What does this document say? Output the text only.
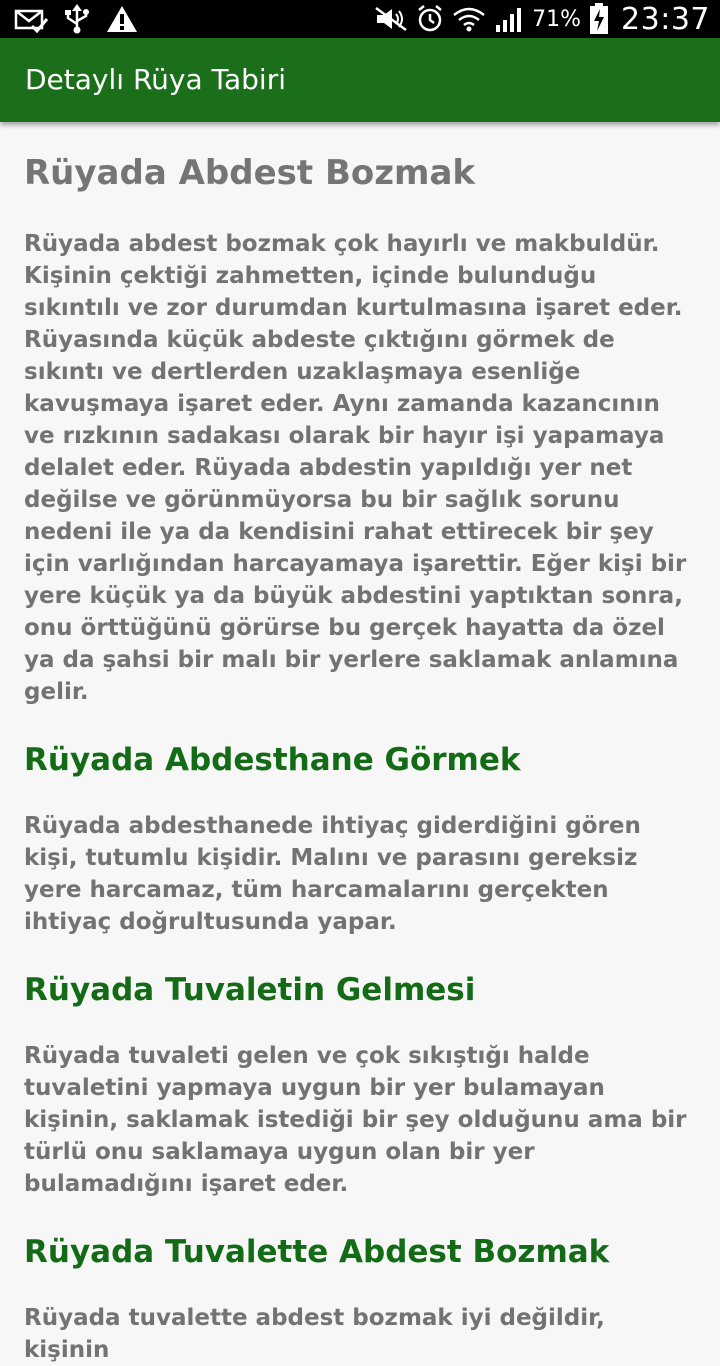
71% 23:37
Detaylı Rüya Tabiri
Rüyada Abdest Bozmak

Rüyada abdest bozmak çok hayırlı ve makbuldür. Kişinin çektiği zahmetten, içinde bulunduğu sıkıntılı ve zor durumdan kurtulmasına işaret eder. Rüyasında küçük abdeste çıktığını görmek de sıkıntı ve dertlerden uzaklaşmaya esenliğe kavuşmaya işaret eder. Aynı zamanda kazancının ve rızkının sadakası olarak bir hayır işi yapamaya delalet eder. Rüyada abdestin yapıldığı yer net değilse ve görünmüyorsa bu bir sağlık sorunu nedeni ile ya da kendisini rahat ettirecek bir şey için varlığından harcayamaya işarettir. Eğer kişi bir yere küçük ya da büyük abdestini yaptıktan sonra, onu örttüğünü görürse bu gerçek hayatta da özel ya da şahsi bir malı bir yerlere saklamak anlamına gelir.

Rüyada Abdesthane Görmek

Rüyada abdesthanede ihtiyaç giderdiğini gören kişi, tutumlu kişidir. Malını ve parasını gereksiz yere harcamaz, tüm harcamalarını gerçekten ihtiyaç doğrultusunda yapar.

Rüyada Tuvaletin Gelmesi

Rüyada tuvaleti gelen ve çok sıkıştığı halde tuvaletini yapmaya uygun bir yer bulamayan kişinin, saklamak istediği bir şey olduğunu ama bir türlü onu saklamaya uygun olan bir yer bulamadığını işaret eder.

Rüyada Tuvalette Abdest Bozmak

Rüyada tuvalette abdest bozmak iyi değildir, kişinin
